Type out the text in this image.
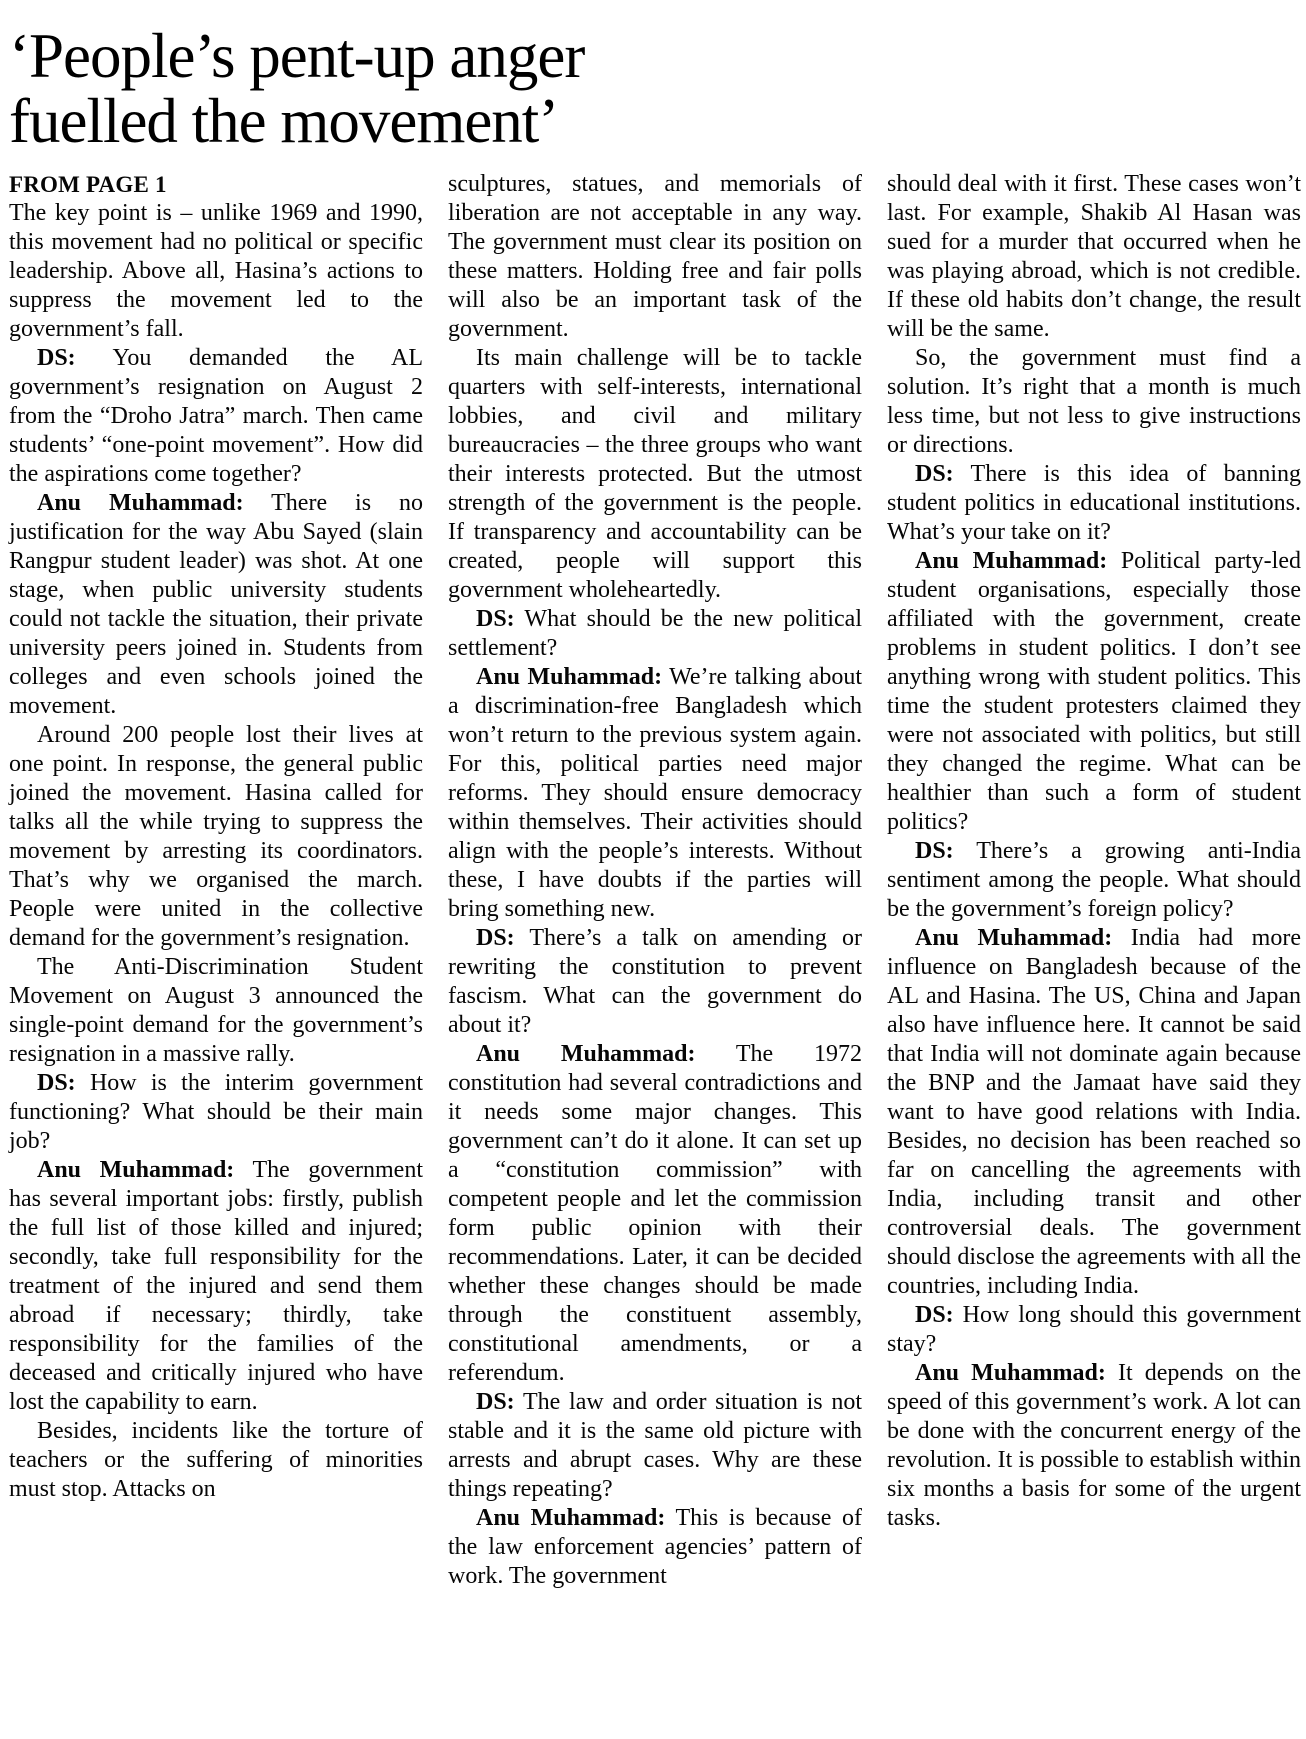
‘People’s pent-up anger
fuelled the movement’
FROM PAGE 1

The key point is – unlike 1969 and 1990, this movement had no political or specific leadership. Above all, Hasina’s actions to suppress the movement led to the government’s fall.

DS: You demanded the AL government’s resignation on August 2 from the “Droho Jatra” march. Then came students’ “one-point movement”. How did the aspirations come together?

Anu Muhammad: There is no justification for the way Abu Sayed (slain Rangpur student leader) was shot. At one stage, when public university students could not tackle the situation, their private university peers joined in. Students from colleges and even schools joined the movement.

Around 200 people lost their lives at one point. In response, the general public joined the movement. Hasina called for talks all the while trying to suppress the movement by arresting its coordinators. That’s why we organised the march. People were united in the collective demand for the government’s resignation.

The Anti-Discrimination Student Movement on August 3 announced the single-point demand for the government’s resignation in a massive rally.

DS: How is the interim government functioning? What should be their main job?

Anu Muhammad: The government has several important jobs: firstly, publish the full list of those killed and injured; secondly, take full responsibility for the treatment of the injured and send them abroad if necessary; thirdly, take responsibility for the families of the deceased and critically injured who have lost the capability to earn.

Besides, incidents like the torture of teachers or the suffering of minorities must stop. Attacks on

sculptures, statues, and memorials of liberation are not acceptable in any way. The government must clear its position on these matters. Holding free and fair polls will also be an important task of the government.

Its main challenge will be to tackle quarters with self-interests, international lobbies, and civil and military bureaucracies – the three groups who want their interests protected. But the utmost strength of the government is the people. If transparency and accountability can be created, people will support this government wholeheartedly.

DS: What should be the new political settlement?

Anu Muhammad: We’re talking about a discrimination-free Bangladesh which won’t return to the previous system again. For this, political parties need major reforms. They should ensure democracy within themselves. Their activities should align with the people’s interests. Without these, I have doubts if the parties will bring something new.

DS: There’s a talk on amending or rewriting the constitution to prevent fascism. What can the government do about it?

Anu Muhammad: The 1972 constitution had several contradictions and it needs some major changes. This government can’t do it alone. It can set up a “constitution commission” with competent people and let the commission form public opinion with their recommendations. Later, it can be decided whether these changes should be made through the constituent assembly, constitutional amendments, or a referendum.

DS: The law and order situation is not stable and it is the same old picture with arrests and abrupt cases. Why are these things repeating?

Anu Muhammad: This is because of the law enforcement agencies’ pattern of work. The government

should deal with it first. These cases won’t last. For example, Shakib Al Hasan was sued for a murder that occurred when he was playing abroad, which is not credible. If these old habits don’t change, the result will be the same.

So, the government must find a solution. It’s right that a month is much less time, but not less to give instructions or directions.

DS: There is this idea of banning student politics in educational institutions. What’s your take on it?

Anu Muhammad: Political party-led student organisations, especially those affiliated with the government, create problems in student politics. I don’t see anything wrong with student politics. This time the student protesters claimed they were not associated with politics, but still they changed the regime. What can be healthier than such a form of student politics?

DS: There’s a growing anti-India sentiment among the people. What should be the government’s foreign policy?

Anu Muhammad: India had more influence on Bangladesh because of the AL and Hasina. The US, China and Japan also have influence here. It cannot be said that India will not dominate again because the BNP and the Jamaat have said they want to have good relations with India. Besides, no decision has been reached so far on cancelling the agreements with India, including transit and other controversial deals. The government should disclose the agreements with all the countries, including India.

DS: How long should this government stay?

Anu Muhammad: It depends on the speed of this government’s work. A lot can be done with the concurrent energy of the revolution. It is possible to establish within six months a basis for some of the urgent tasks.
